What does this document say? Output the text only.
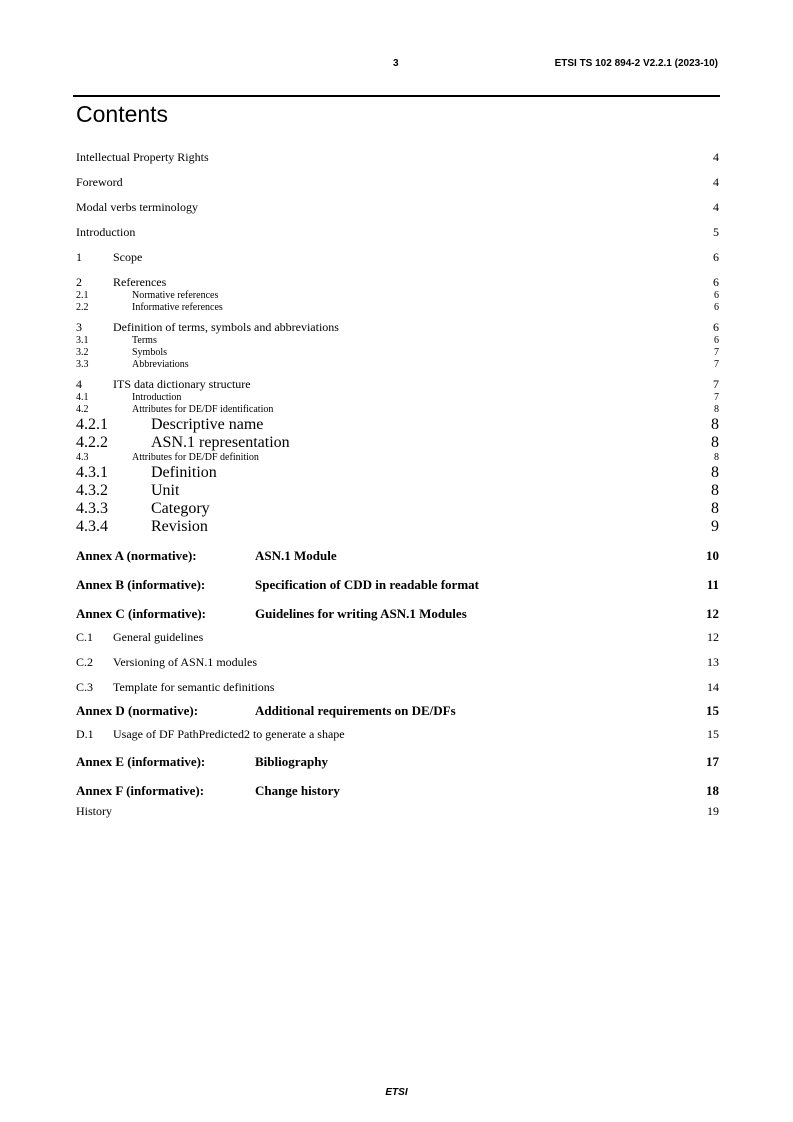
3	ETSI TS 102 894-2 V2.2.1 (2023-10)
Contents
Intellectual Property Rights	4
Foreword	4
Modal verbs terminology	4
Introduction	5
1	Scope	6
2	References	6
2.1	Normative references	6
2.2	Informative references	6
3	Definition of terms, symbols and abbreviations	6
3.1	Terms	6
3.2	Symbols	7
3.3	Abbreviations	7
4	ITS data dictionary structure	7
4.1	Introduction	7
4.2	Attributes for DE/DF identification	8
4.2.1	Descriptive name	8
4.2.2	ASN.1 representation	8
4.3	Attributes for DE/DF definition	8
4.3.1	Definition	8
4.3.2	Unit	8
4.3.3	Category	8
4.3.4	Revision	9
Annex A (normative):	ASN.1 Module	10
Annex B (informative):	Specification of CDD in readable format	11
Annex C (informative):	Guidelines for writing ASN.1 Modules	12
C.1	General guidelines	12
C.2	Versioning of ASN.1 modules	13
C.3	Template for semantic definitions	14
Annex D (normative):	Additional requirements on DE/DFs	15
D.1	Usage of DF PathPredicted2 to generate a shape	15
Annex E (informative):	Bibliography	17
Annex F (informative):	Change history	18
History	19
ETSI
